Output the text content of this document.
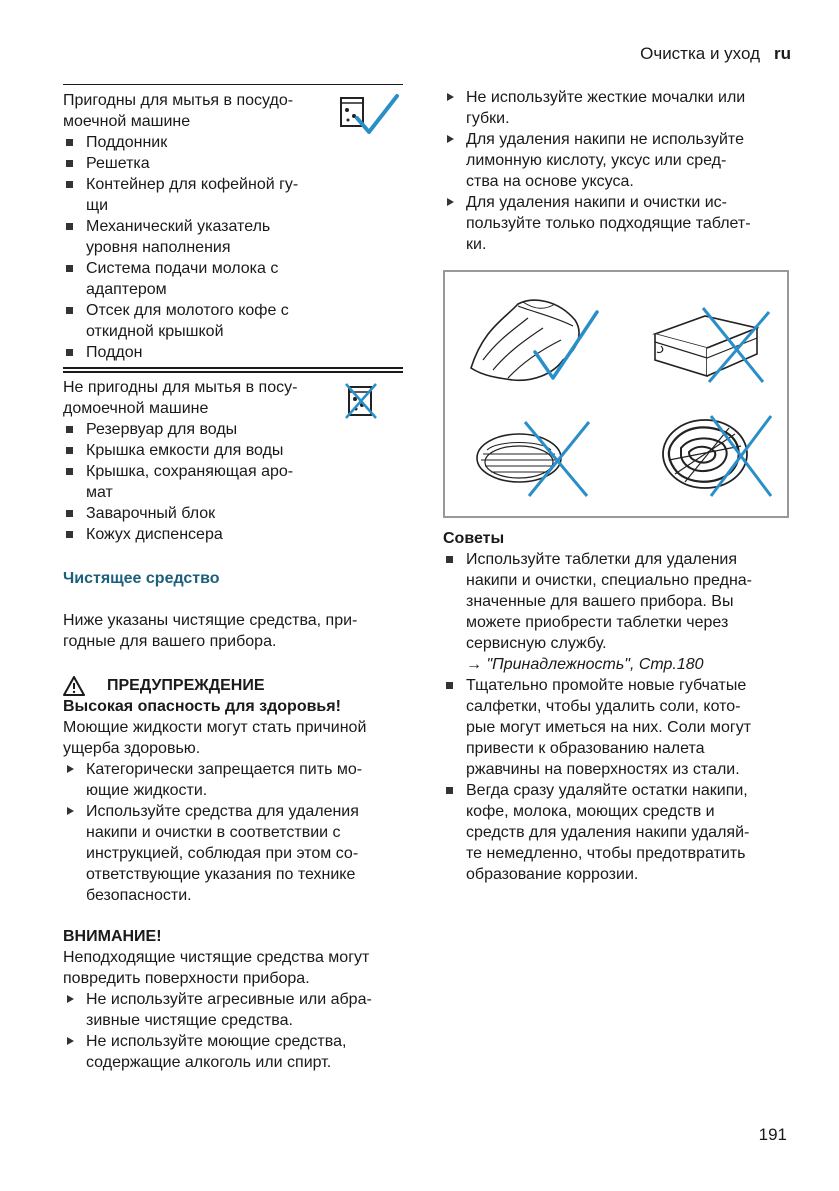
Очистка и уход ru
Пригодны для мытья в посудо-
моечной машине
Поддонник
Решетка
Контейнер для кофейной гу-
щи
Механический указатель
уровня наполнения
Система подачи молока с
адаптером
Отсек для молотого кофе с
откидной крышкой
Поддон
Не пригодны для мытья в посу-
домоечной машине
Резервуар для воды
Крышка емкости для воды
Крышка, сохраняющая аро-
мат
Заварочный блок
Кожух диспенсера
Чистящее средство
Ниже указаны чистящие средства, при-
годные для вашего прибора.
ПРЕДУПРЕЖДЕНИЕ
Высокая опасность для здоровья!
Моющие жидкости могут стать причиной
ущерба здоровью.
Категорически запрещается пить мо-
ющие жидкости.
Используйте средства для удаления
накипи и очистки в соответствии с
инструкцией, соблюдая при этом со-
ответствующие указания по технике
безопасности.
ВНИМАНИЕ!
Неподходящие чистящие средства могут
повредить поверхности прибора.
Не используйте агресивные или абра-
зивные чистящие средства.
Не используйте моющие средства,
содержащие алкоголь или спирт.
Не используйте жесткие мочалки или
губки.
Для удаления накипи не используйте
лимонную кислоту, уксус или сред-
ства на основе уксуса.
Для удаления накипи и очистки ис-
пользуйте только подходящие таблет-
ки.
Советы
Используйте таблетки для удаления
накипи и очистки, специально предна-
значенные для вашего прибора. Вы
можете приобрести таблетки через
сервисную службу.
→ "Принадлежность", Стр.180
Тщательно промойте новые губчатые
салфетки, чтобы удалить соли, кото-
рые могут иметься на них. Соли могут
привести к образованию налета
ржавчины на поверхностях из стали.
Вегда сразу удаляйте остатки накипи,
кофе, молока, моющих средств и
средств для удаления накипи удаляй-
те немедленно, чтобы предотвратить
образование коррозии.
191
